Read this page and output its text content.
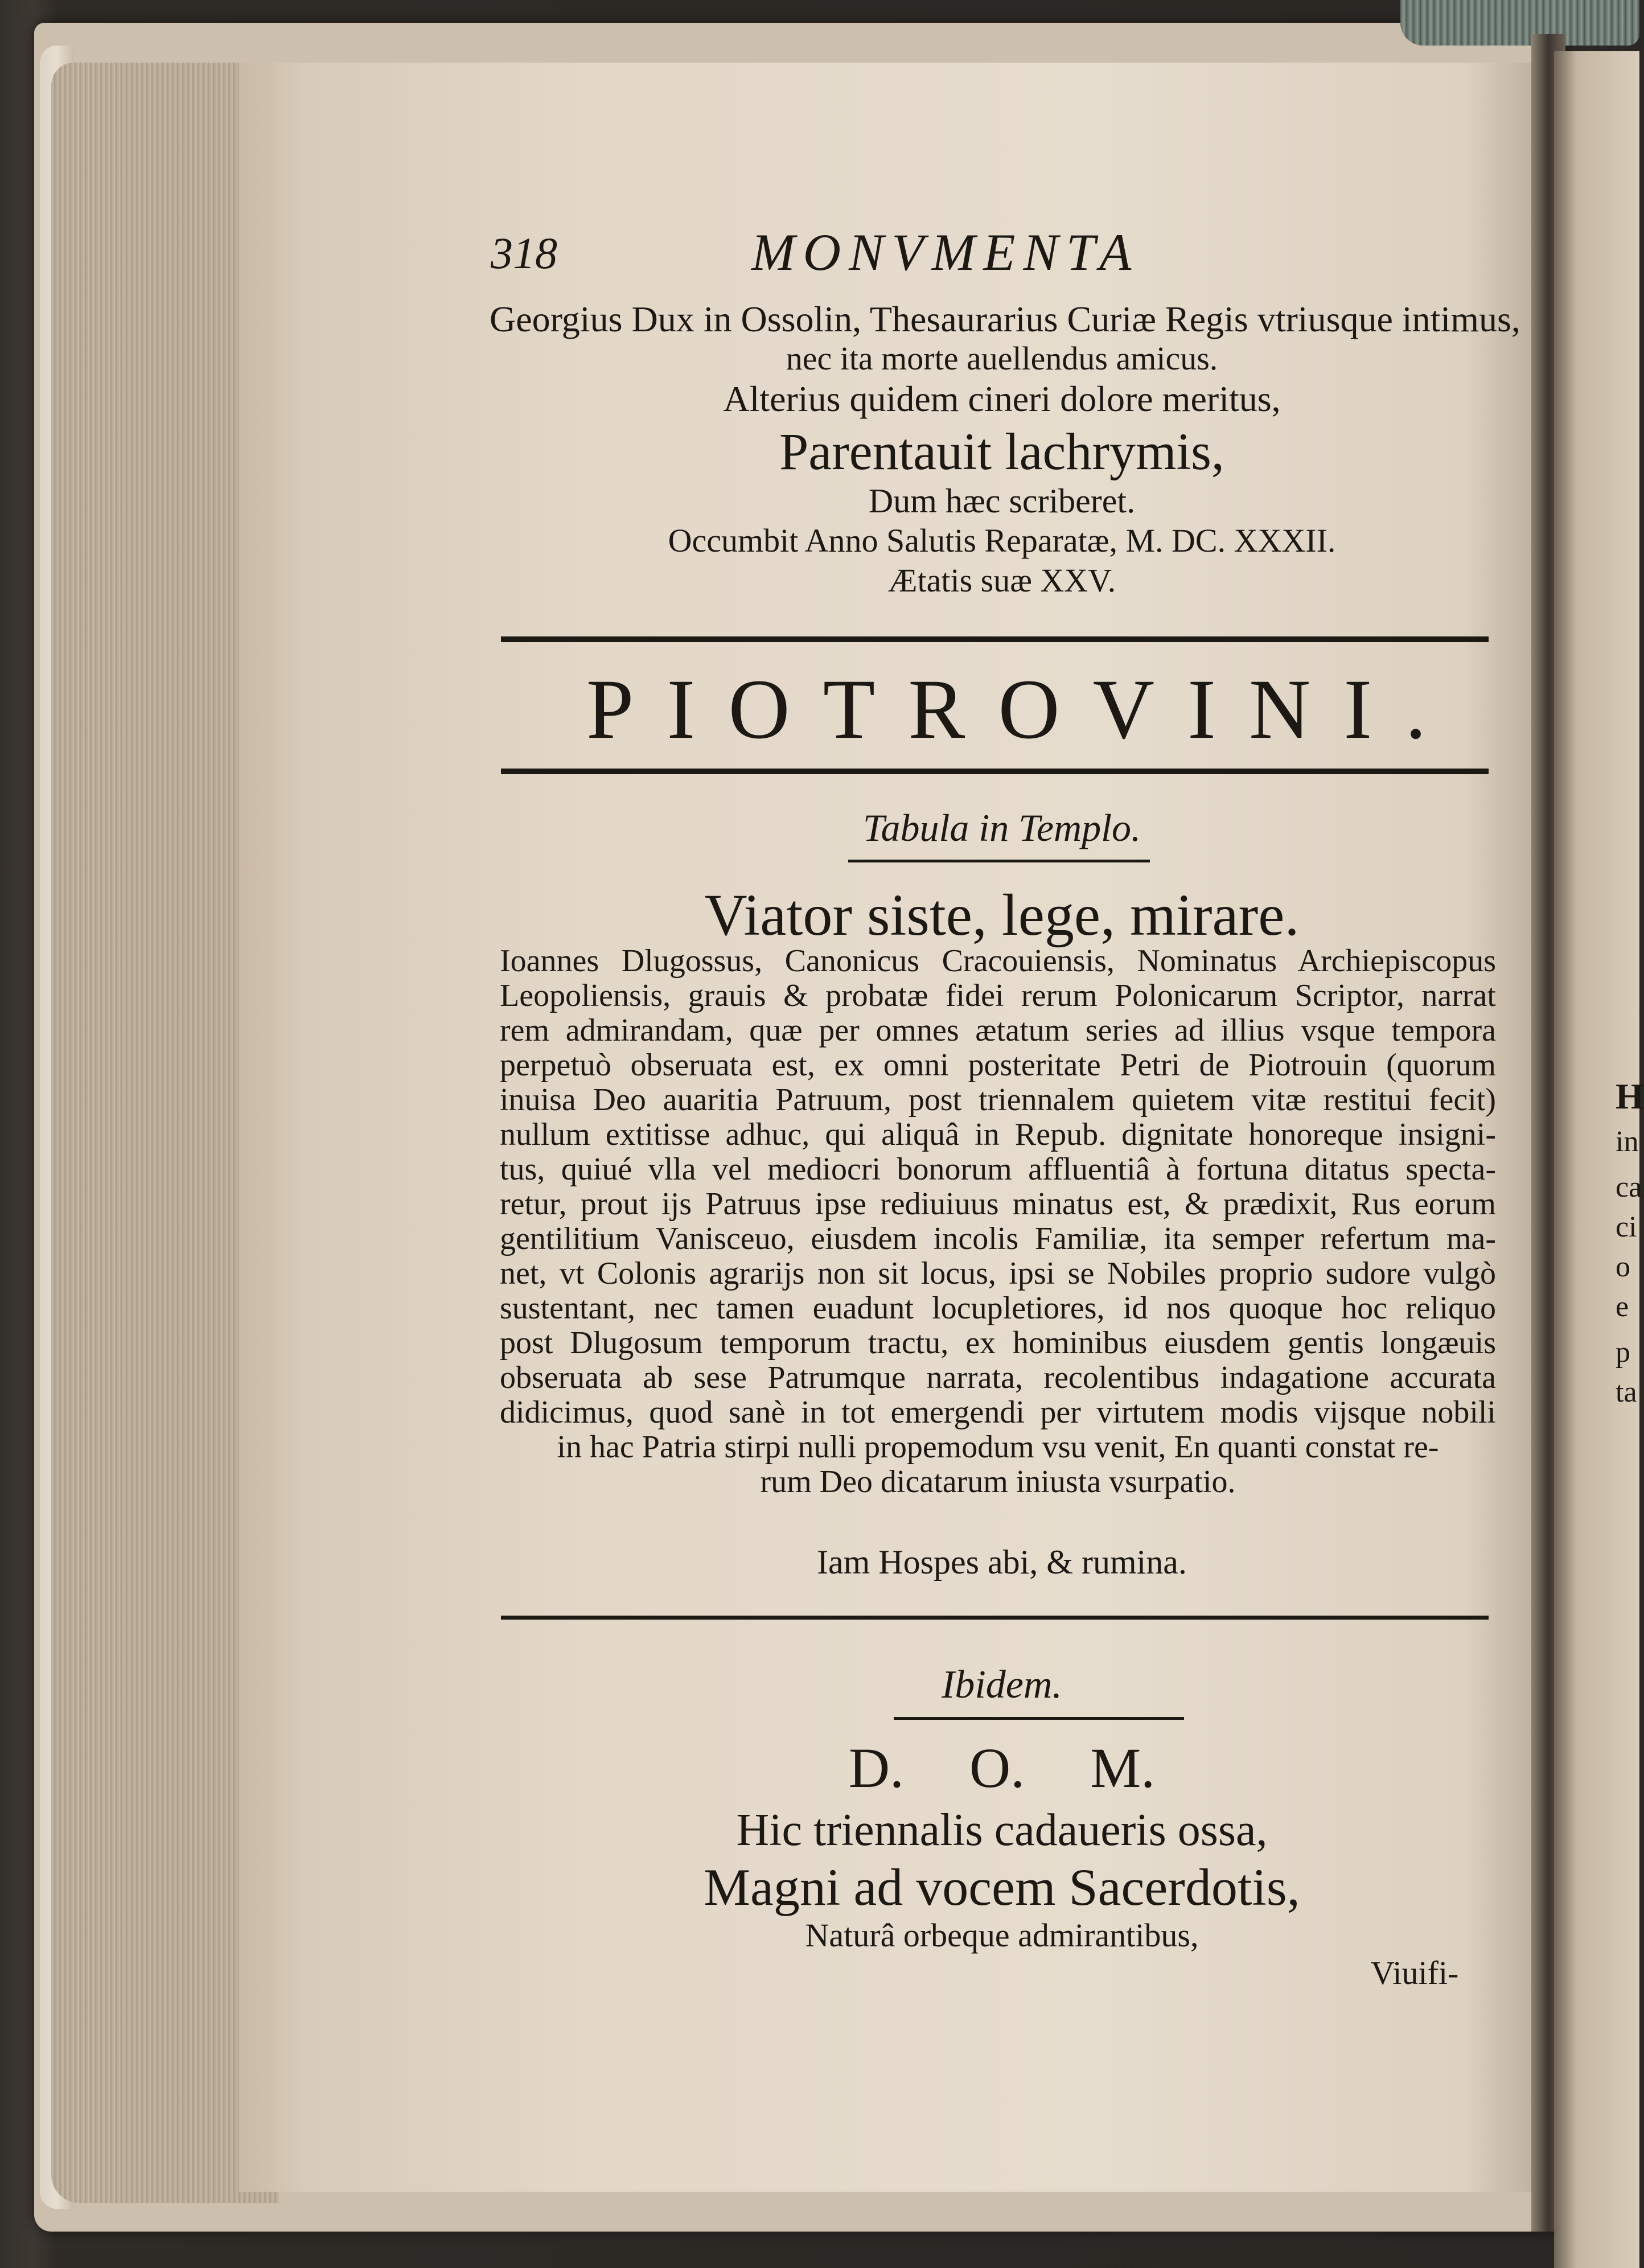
318	MONVMENTA
Georgius Dux in Ossolin, Thesaurarius Curiæ Regis vtriusque intimus,
nec ita morte auellendus amicus.
Alterius quidem cineri dolore meritus,
Parentauit lachrymis,
Dum hæc scriberet.
Occumbit Anno Salutis Reparatæ, M. DC. XXXII.
Ætatis suæ XXV.
PIOTROVINI.
Tabula in Templo.
Viator siste, lege, mirare.
Ioannes Dlugossus, Canonicus Cracouiensis, Nominatus Archiepiscopus
Leopoliensis, grauis & probatæ fidei rerum Polonicarum Scriptor, narrat
rem admirandam, quæ per omnes ætatum series ad illius vsque tempora
perpetuò obseruata est, ex omni posteritate Petri de Piotrouin (quorum
inuisa Deo auaritia Patruum, post triennalem quietem vitæ restitui fecit)
nullum extitisse adhuc, qui aliquâ in Repub. dignitate honoreque insigni-
tus, quiué vlla vel mediocri bonorum affluentiâ à fortuna ditatus specta-
retur, prout ijs Patruus ipse rediuiuus minatus est, & prædixit, Rus eorum
gentilitium Vanisceuo, eiusdem incolis Familiæ, ita semper refertum ma-
net, vt Colonis agrarijs non sit locus, ipsi se Nobiles proprio sudore vulgò
sustentant, nec tamen euadunt locupletiores, id nos quoque hoc reliquo
post Dlugosum temporum tractu, ex hominibus eiusdem gentis longæuis
obseruata ab sese Patrumque narrata, recolentibus indagatione accurata
didicimus, quod sanè in tot emergendi per virtutem modis vijsque nobili
in hac Patria stirpi nulli propemodum vsu venit, En quanti constat re-
rum Deo dicatarum iniusta vsurpatio.
Iam Hospes abi, & rumina.
Ibidem.
D. O. M.
Hic triennalis cadaueris ossa,
Magni ad vocem Sacerdotis,
Naturâ orbeque admirantibus,
Viuifi-
H
in
ca
ci
o
e
p
ta
